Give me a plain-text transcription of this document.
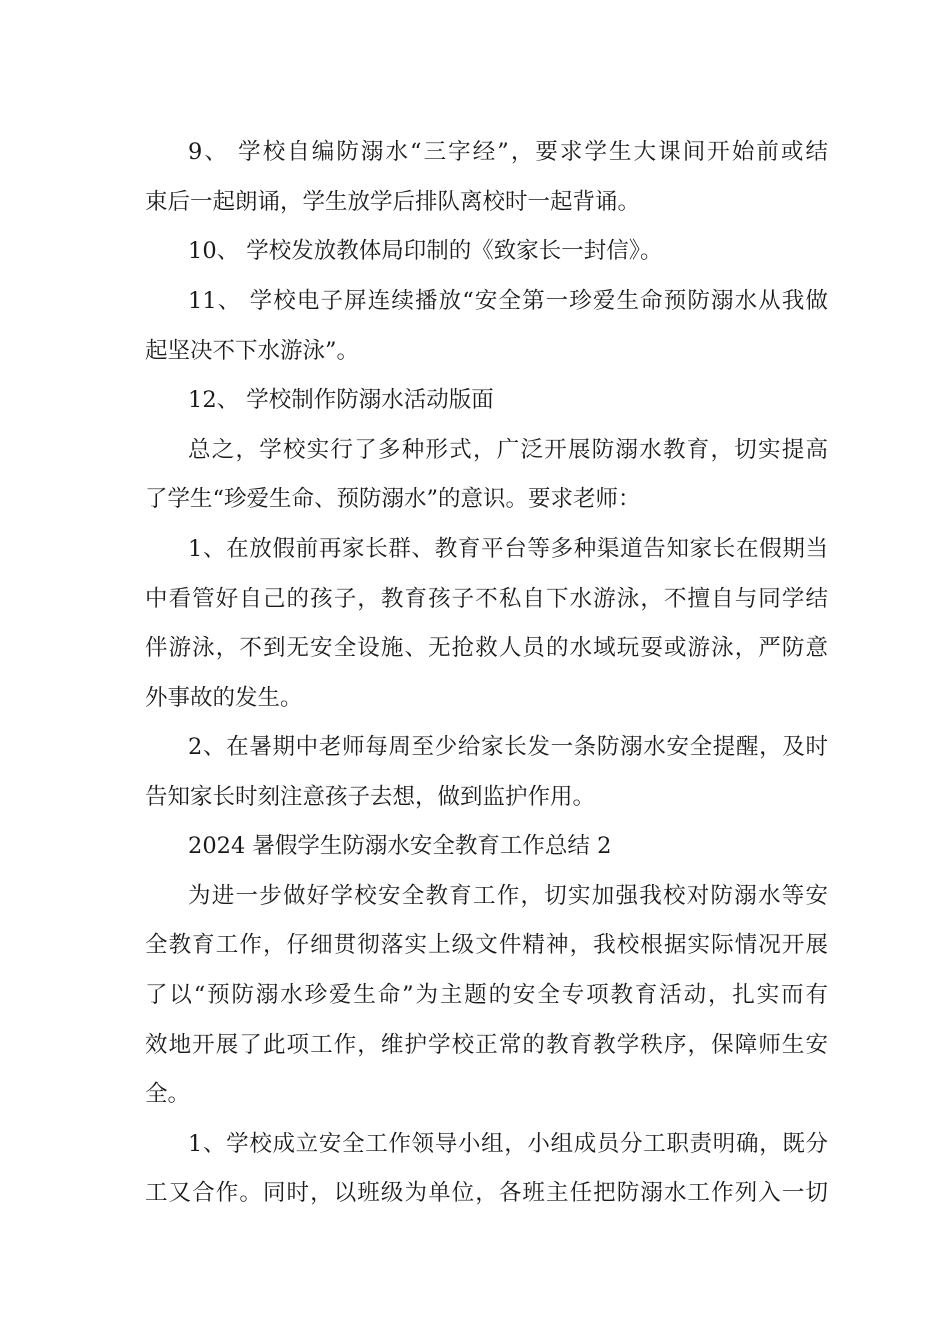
9、 学校自编防溺水“三字经”，要求学生大课间开始前或结
束后一起朗诵，学生放学后排队离校时一起背诵。
10、 学校发放教体局印制的《致家长一封信》。
11、 学校电子屏连续播放“安全第一珍爱生命预防溺水从我做
起坚决不下水游泳”。
12、 学校制作防溺水活动版面
总之，学校实行了多种形式，广泛开展防溺水教育，切实提高
了学生“珍爱生命、预防溺水”的意识。要求老师：
1、在放假前再家长群、教育平台等多种渠道告知家长在假期当
中看管好自己的孩子，教育孩子不私自下水游泳，不擅自与同学结
伴游泳，不到无安全设施、无抢救人员的水域玩耍或游泳，严防意
外事故的发生。
2、在暑期中老师每周至少给家长发一条防溺水安全提醒，及时
告知家长时刻注意孩子去想，做到监护作用。
2024 暑假学生防溺水安全教育工作总结 2
为进一步做好学校安全教育工作，切实加强我校对防溺水等安
全教育工作，仔细贯彻落实上级文件精神，我校根据实际情况开展
了以“预防溺水珍爱生命”为主题的安全专项教育活动，扎实而有
效地开展了此项工作，维护学校正常的教育教学秩序，保障师生安
全。
1、学校成立安全工作领导小组，小组成员分工职责明确，既分
工又合作。同时，以班级为单位，各班主任把防溺水工作列入一切
